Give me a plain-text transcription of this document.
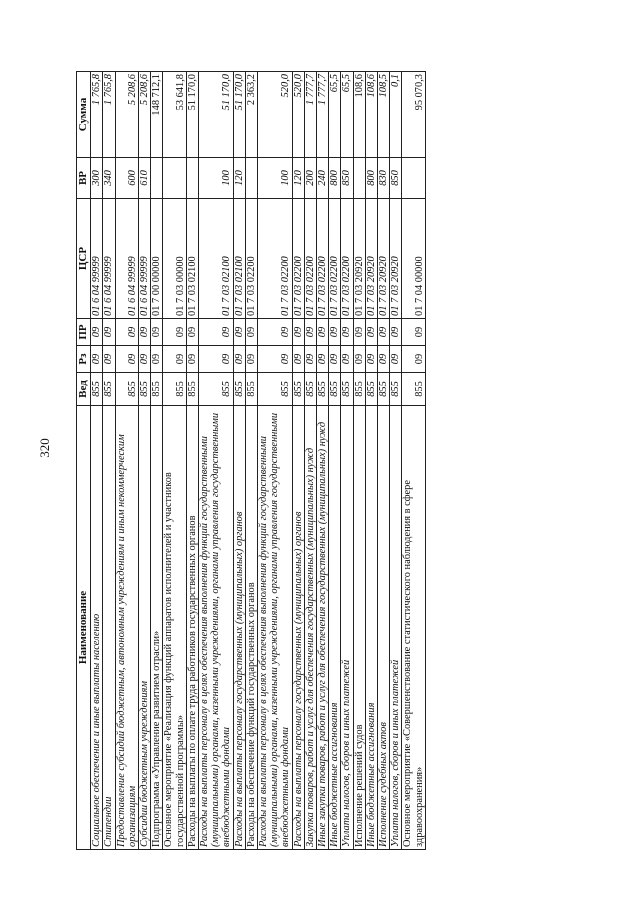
320
Наименование	Вед	Рз	ПР	ЦСР	ВР	Сумма
Социальное обеспечение и иные выплаты населению	855	09	09	01 6 04 99999	300	1 765,8
Стипендии	855	09	09	01 6 04 99999	340	1 765,8
Предоставление субсидий бюджетным, автономным учреждениям и иным некоммерческим организациям	855	09	09	01 6 04 99999	600	5 208,6
Субсидии бюджетным учреждениям	855	09	09	01 6 04 99999	610	5 208,6
Подпрограмма «Управление развитием отрасли»	855	09	09	01 7 00 00000		148 712,1
Основное мероприятие «Реализация функций аппаратов исполнителей и участников государственной программы»	855	09	09	01 7 03 00000		53 641,8
Расходы на выплаты по оплате труда работников государственных органов	855	09	09	01 7 03 02100		51 170,0
Расходы на выплаты персоналу в целях обеспечения выполнения функций государственными (муниципальными) органами, казенными учреждениями, органами управления государственными внебюджетными фондами	855	09	09	01 7 03 02100	100	51 170,0
Расходы на выплаты персоналу государственных (муниципальных) органов	855	09	09	01 7 03 02100	120	51 170,0
Расходы на обеспечение функций государственных органов	855	09	09	01 7 03 02200		2 363,2
Расходы на выплаты персоналу в целях обеспечения выполнения функций государственными (муниципальными) органами, казенными учреждениями, органами управления государственными внебюджетными фондами	855	09	09	01 7 03 02200	100	520,0
Расходы на выплаты персоналу государственных (муниципальных) органов	855	09	09	01 7 03 02200	120	520,0
Закупка товаров, работ и услуг для обеспечения государственных (муниципальных) нужд	855	09	09	01 7 03 02200	200	1 777,7
Иные закупки товаров, работ и услуг для обеспечения государственных (муниципальных) нужд	855	09	09	01 7 03 02200	240	1 777,7
Иные бюджетные ассигнования	855	09	09	01 7 03 02200	800	65,5
Уплата налогов, сборов и иных платежей	855	09	09	01 7 03 02200	850	65,5
Исполнение решений судов	855	09	09	01 7 03 20920		108,6
Иные бюджетные ассигнования	855	09	09	01 7 03 20920	800	108,6
Исполнение судебных актов	855	09	09	01 7 03 20920	830	108,5
Уплата налогов, сборов и иных платежей	855	09	09	01 7 03 20920	850	0,1
Основное мероприятие «Совершенствование статистического наблюдения в сфере здравоохранения»	855	09	09	01 7 04 00000		95 070,3
